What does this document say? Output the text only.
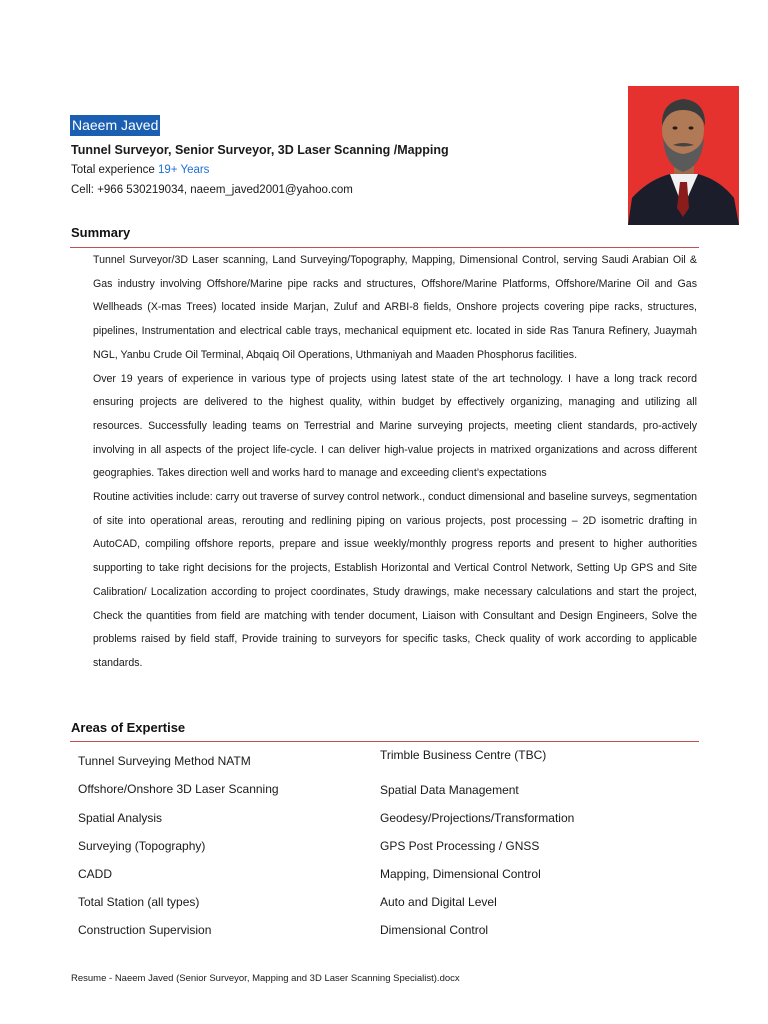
Naeem Javed
Tunnel Surveyor, Senior Surveyor, 3D Laser Scanning /Mapping
Total experience 19+ Years
Cell: +966 530219034, naeem_javed2001@yahoo.com
Summary

Tunnel Surveyor/3D Laser scanning, Land Surveying/Topography, Mapping, Dimensional Control, serving Saudi Arabian Oil & Gas industry involving Offshore/Marine pipe racks and structures, Offshore/Marine Platforms, Offshore/Marine Oil and Gas Wellheads (X-mas Trees) located inside Marjan, Zuluf and ARBI-8 fields, Onshore projects covering pipe racks, structures, pipelines, Instrumentation and electrical cable trays, mechanical equipment etc. located in side Ras Tanura Refinery, Juaymah NGL, Yanbu Crude Oil Terminal, Abqaiq Oil Operations, Uthmaniyah and Maaden Phosphorus facilities.

Over 19 years of experience in various type of projects using latest state of the art technology. I have a long track record ensuring projects are delivered to the highest quality, within budget by effectively organizing, managing and utilizing all resources. Successfully leading teams on Terrestrial and Marine surveying projects, meeting client standards, pro-actively involving in all aspects of the project life-cycle. I can deliver high-value projects in matrixed organizations and across different geographies. Takes direction well and works hard to manage and exceeding client’s expectations

Routine activities include: carry out traverse of survey control network., conduct dimensional and baseline surveys, segmentation of site into operational areas, rerouting and redlining piping on various projects, post processing – 2D isometric drafting in AutoCAD, compiling offshore reports, prepare and issue weekly/monthly progress reports and present to higher authorities supporting to take right decisions for the projects, Establish Horizontal and Vertical Control Network, Setting Up GPS and Site Calibration/ Localization according to project coordinates, Study drawings, make necessary calculations and start the project, Check the quantities from field are matching with tender document, Liaison with Consultant and Design Engineers, Solve the problems raised by field staff, Provide training to surveyors for specific tasks, Check quality of work according to applicable standards.

Areas of Expertise
Tunnel Surveying Method NATM
Offshore/Onshore 3D Laser Scanning
Spatial Analysis
Surveying (Topography)
CADD
Total Station (all types)
Construction Supervision
Trimble Business Centre (TBC)
Spatial Data Management
Geodesy/Projections/Transformation
GPS Post Processing / GNSS
Mapping, Dimensional Control
Auto and Digital Level
Dimensional Control
Resume - Naeem Javed (Senior Surveyor, Mapping and 3D Laser Scanning Specialist).docx
